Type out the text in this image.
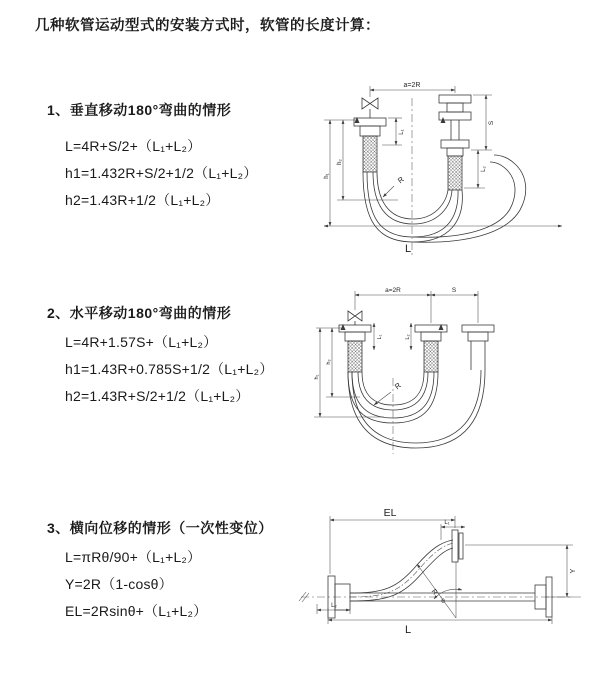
几种软管运动型式的安装方式时，软管的长度计算：
1、垂直移动180°弯曲的情形
L=4R+S/2+（L₁+L₂）
h1=1.432R+S/2+1/2（L₁+L₂）
h2=1.43R+1/2（L₁+L₂）
2、水平移动180°弯曲的情形
L=4R+1.57S+（L₁+L₂）
h1=1.43R+0.785S+1/2（L₁+L₂）
h2=1.43R+S/2+1/2（L₁+L₂）
3、横向位移的情形（一次性变位）
L=πRθ/90+（L₁+L₂）
Y=2R（1-cosθ）
EL=2Rsinθ+（L₁+L₂）
a=2R
S
L₂
L₁
h₁
h₂
R
L
a=2R	S
L₁	L₂
h₁
h₂
R
EL
L₁
Y
R
θ
L₂
L
